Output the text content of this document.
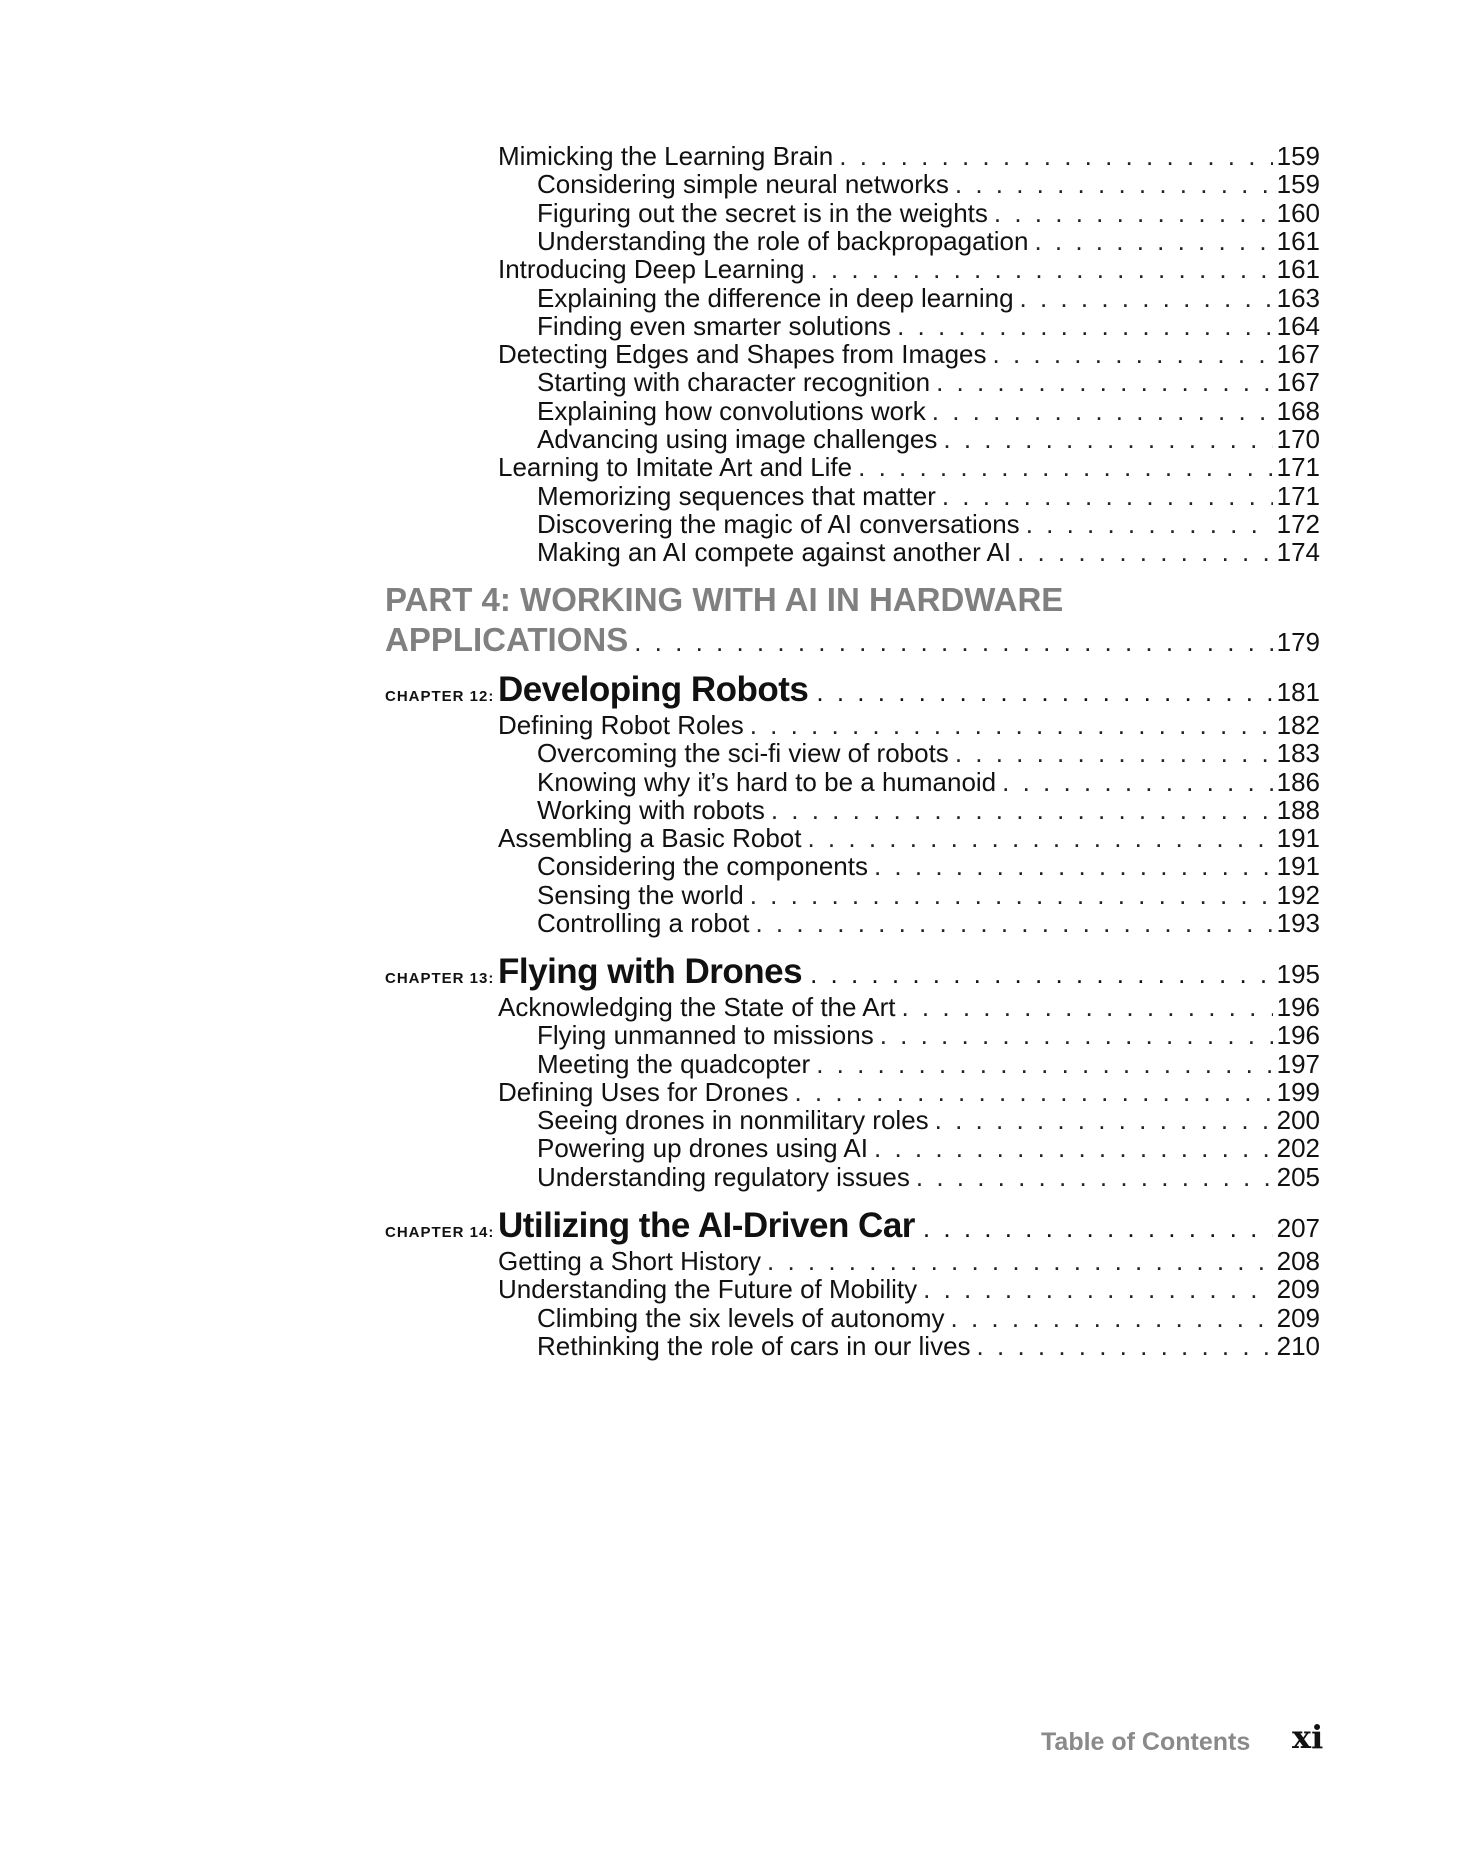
Mimicking the Learning Brain . . .	159
Considering simple neural networks . . .	159
Figuring out the secret is in the weights . . .	160
Understanding the role of backpropagation . . .	161
Introducing Deep Learning . . .	161
Explaining the difference in deep learning . . .	163
Finding even smarter solutions . . .	164
Detecting Edges and Shapes from Images . . .	167
Starting with character recognition . . .	167
Explaining how convolutions work . . .	168
Advancing using image challenges . . .	170
Learning to Imitate Art and Life . . .	171
Memorizing sequences that matter . . .	171
Discovering the magic of AI conversations . . .	172
Making an AI compete against another AI . . .	174
PART 4: WORKING WITH AI IN HARDWARE
APPLICATIONS . . .	179
CHAPTER 12: Developing Robots . . .	181
Defining Robot Roles . . .	182
Overcoming the sci-fi view of robots . . .	183
Knowing why it’s hard to be a humanoid . . .	186
Working with robots . . .	188
Assembling a Basic Robot . . .	191
Considering the components . . .	191
Sensing the world . . .	192
Controlling a robot . . .	193
CHAPTER 13: Flying with Drones . . .	195
Acknowledging the State of the Art . . .	196
Flying unmanned to missions . . .	196
Meeting the quadcopter . . .	197
Defining Uses for Drones . . .	199
Seeing drones in nonmilitary roles . . .	200
Powering up drones using AI . . .	202
Understanding regulatory issues . . .	205
CHAPTER 14: Utilizing the AI-Driven Car . . .	207
Getting a Short History . . .	208
Understanding the Future of Mobility . . .	209
Climbing the six levels of autonomy . . .	209
Rethinking the role of cars in our lives . . .	210
Table of Contents xi
